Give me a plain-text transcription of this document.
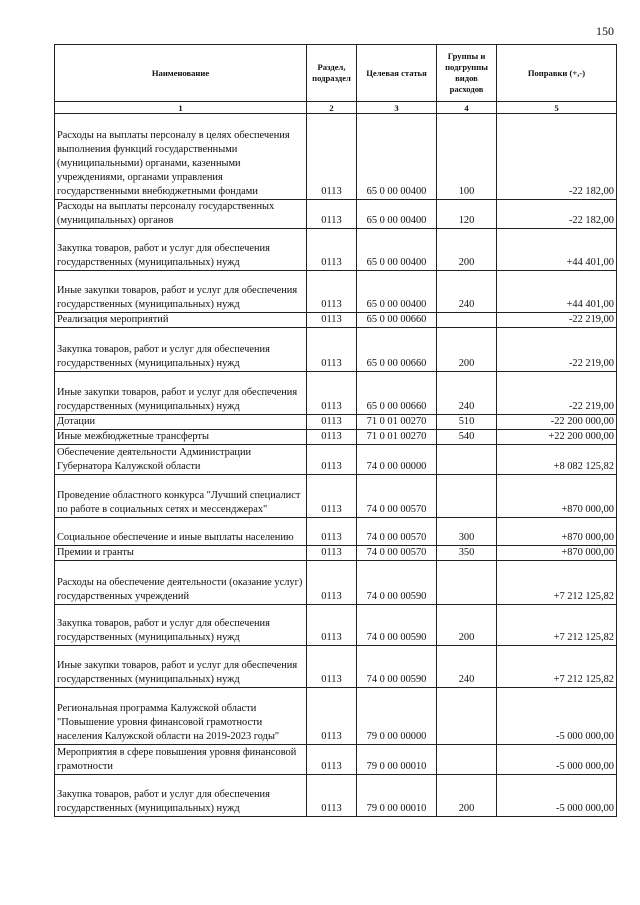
150
Наименование	Раздел, подраздел	Целевая статья	Группы и подгруппы видов расходов	Поправки (+,-)
1	2	3	4	5
Расходы на выплаты персоналу в целях обеспечения выполнения функций государственными (муниципальными) органами, казенными учреждениями, органами управления государственными внебюджетными фондами	0113	65 0 00 00400	100	-22 182,00
Расходы на выплаты персоналу государственных (муниципальных) органов	0113	65 0 00 00400	120	-22 182,00
Закупка товаров, работ и услуг для обеспечения государственных (муниципальных) нужд	0113	65 0 00 00400	200	+44 401,00
Иные закупки товаров, работ и услуг для обеспечения государственных (муниципальных) нужд	0113	65 0 00 00400	240	+44 401,00
Реализация мероприятий	0113	65 0 00 00660		-22 219,00
Закупка товаров, работ и услуг для обеспечения государственных (муниципальных) нужд	0113	65 0 00 00660	200	-22 219,00
Иные закупки товаров, работ и услуг для обеспечения государственных (муниципальных) нужд	0113	65 0 00 00660	240	-22 219,00
Дотации	0113	71 0 01 00270	510	-22 200 000,00
Иные межбюджетные трансферты	0113	71 0 01 00270	540	+22 200 000,00
Обеспечение деятельности Администрации Губернатора Калужской области	0113	74 0 00 00000		+8 082 125,82
Проведение областного конкурса "Лучший специалист по работе в социальных сетях и мессенджерах"	0113	74 0 00 00570		+870 000,00
Социальное обеспечение и иные выплаты населению	0113	74 0 00 00570	300	+870 000,00
Премии и гранты	0113	74 0 00 00570	350	+870 000,00
Расходы на обеспечение деятельности (оказание услуг) государственных учреждений	0113	74 0 00 00590		+7 212 125,82
Закупка товаров, работ и услуг для обеспечения государственных (муниципальных) нужд	0113	74 0 00 00590	200	+7 212 125,82
Иные закупки товаров, работ и услуг для обеспечения государственных (муниципальных) нужд	0113	74 0 00 00590	240	+7 212 125,82
Региональная программа Калужской области "Повышение уровня финансовой грамотности населения Калужской области на 2019-2023 годы"	0113	79 0 00 00000		-5 000 000,00
Мероприятия в сфере повышения уровня финансовой грамотности	0113	79 0 00 00010		-5 000 000,00
Закупка товаров, работ и услуг для обеспечения государственных (муниципальных) нужд	0113	79 0 00 00010	200	-5 000 000,00
